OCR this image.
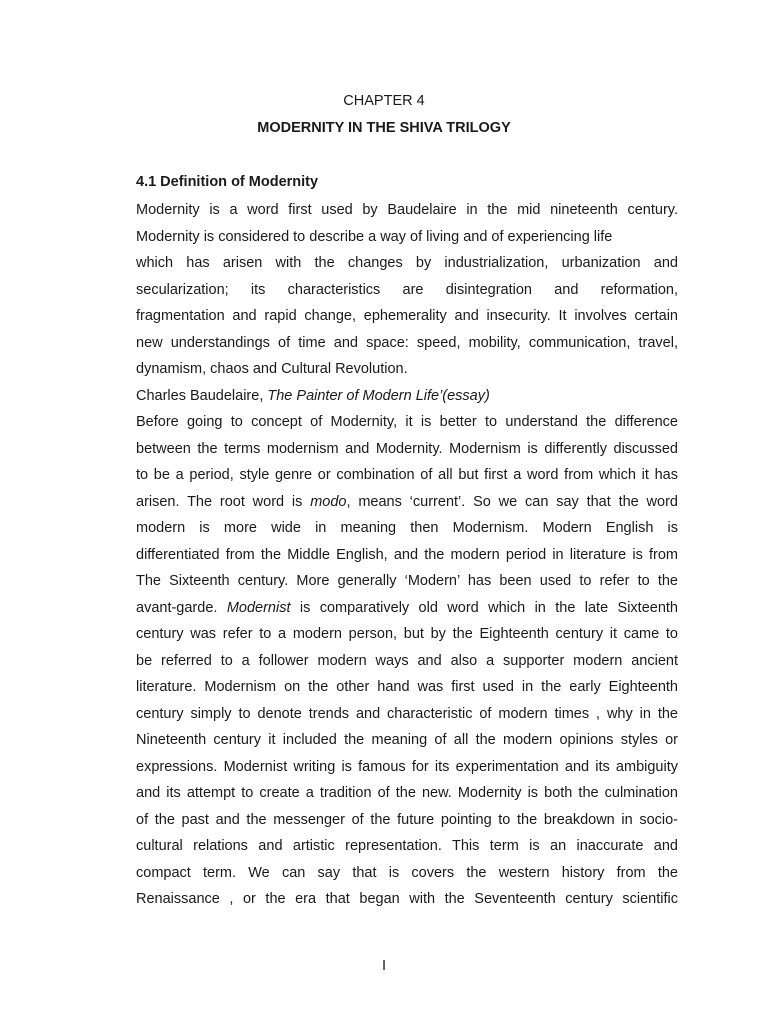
CHAPTER 4
MODERNITY IN THE SHIVA TRILOGY
4.1 Definition of Modernity
Modernity is a word first used by Baudelaire in the mid nineteenth century.
Modernity is considered to describe a way of living and of experiencing life
which has arisen with the changes by industrialization, urbanization and
secularization; its characteristics are disintegration and reformation,
fragmentation and rapid change, ephemerality and insecurity. It involves certain
new understandings of time and space: speed, mobility, communication, travel,
dynamism, chaos and Cultural Revolution.
Charles Baudelaire, The Painter of Modern Life’(essay)
Before going to concept of Modernity, it is better to understand the difference
between the terms modernism and Modernity. Modernism is differently discussed
to be a period, style genre or combination of all but first a word from which it has
arisen. The root word is modo, means ‘current’. So we can say that the word
modern is more wide in meaning then Modernism. Modern English is
differentiated from the Middle English, and the modern period in literature is from
The Sixteenth century. More generally ‘Modern’ has been used to refer to the
avant-garde. Modernist is comparatively old word which in the late Sixteenth
century was refer to a modern person, but by the Eighteenth century it came to
be referred to a follower modern ways and also a supporter modern ancient
literature. Modernism on the other hand was first used in the early Eighteenth
century simply to denote trends and characteristic of modern times , why in the
Nineteenth century it included the meaning of all the modern opinions styles or
expressions. Modernist writing is famous for its experimentation and its ambiguity
and its attempt to create a tradition of the new. Modernity is both the culmination
of the past and the messenger of the future pointing to the breakdown in socio-
cultural relations and artistic representation. This term is an inaccurate and
compact term. We can say that is covers the western history from the
Renaissance , or the era that began with the Seventeenth century scientific
I
